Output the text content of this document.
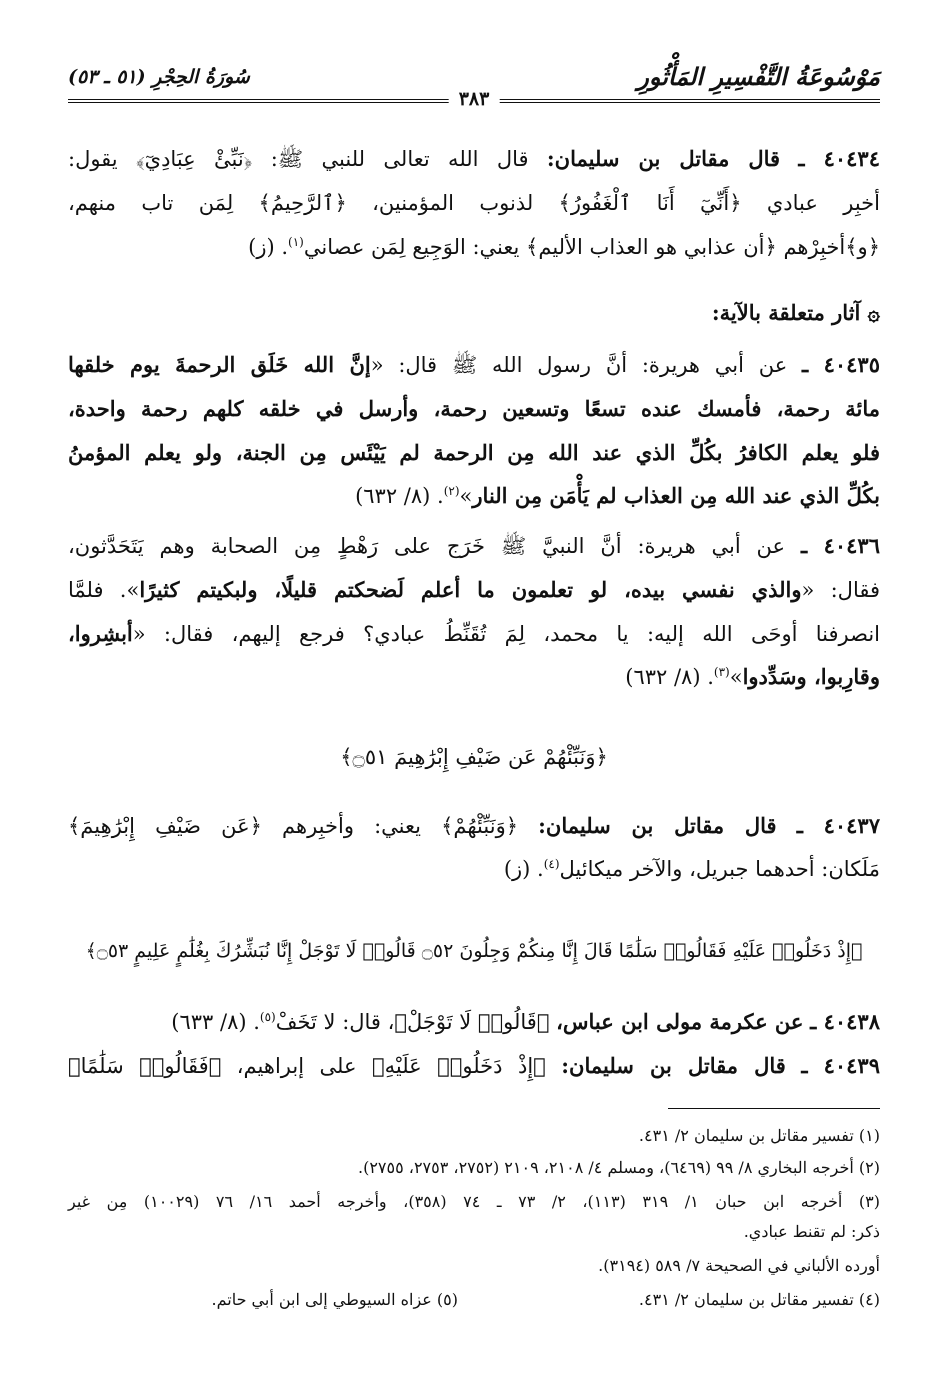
مَوْسُوعَةُ التَّفْسِيرِ المَأْثُورِ
٣٨٣
سُورَةُ الحِجْرِ (٥١ ـ ٥٣)
٤٠٤٣٤ ـ قال مقاتل بن سليمان: قال الله تعالى للنبي ﷺ: ﴿نَبِّئْ عِبَادِيٓ﴾ يقول:
أخبِر عبادي ﴿أَنِّيٓ أَنَا ٱلْغَفُورُ﴾ لذنوب المؤمنين، ﴿ٱلرَّحِيمُ﴾ لِمَن تاب منهم،
﴿و﴾أخبِرْهم ﴿أن عذابي هو العذاب الأليم﴾ يعني: الوَجِيع لِمَن عصاني$^{(١)}$. (ز)
۞ آثار متعلقة بالآية:
٤٠٤٣٥ ـ عن أبي هريرة: أنَّ رسول الله ﷺ قال: «إنَّ الله خَلَق الرحمةَ يوم خلقها
مائة رحمة، فأمسك عنده تسعًا وتسعين رحمة، وأرسل في خلقه كلهم رحمة واحدة،
فلو يعلم الكافرُ بكُلِّ الذي عند الله مِن الرحمة لم يَيْئَس مِن الجنة، ولو يعلم المؤمنُ
بكُلِّ الذي عند الله مِن العذاب لم يَأْمَن مِن النار»$^{(٢)}$. (٨/ ٦٣٢)
٤٠٤٣٦ ـ عن أبي هريرة: أنَّ النبيَّ ﷺ خَرَج على رَهْطٍ مِن الصحابة وهم يَتَحَدَّثون،
فقال: «والذي نفسي بيده، لو تعلمون ما أعلم لَضحكتم قليلًا، ولبكيتم كثيرًا». فلمَّا
انصرفنا أوحَى الله إليه: يا محمد، لِمَ تُقَنِّطُ عبادي؟ فرجع إليهم، فقال: «أبشِروا،
وقارِبوا، وسَدِّدوا»$^{(٣)}$. (٨/ ٦٣٢)
﴿وَنَبِّئْهُمْ عَن ضَيْفِ إِبْرَٰهِيمَ ۝٥١﴾
٤٠٤٣٧ ـ قال مقاتل بن سليمان: ﴿وَنَبِّئْهُمْ﴾ يعني: وأخبِرهم ﴿عَن ضَيْفِ إِبْرَٰهِيمَ﴾
مَلَكان: أحدهما جبريل، والآخر ميكائيل$^{(٤)}$. (ز)
﴿إِذْ دَخَلُوا۟ عَلَيْهِ فَقَالُوا۟ سَلَٰمًا قَالَ إِنَّا مِنكُمْ وَجِلُونَ ۝٥٢ قَالُوا۟ لَا تَوْجَلْ إِنَّا نُبَشِّرُكَ بِغُلَٰمٍ عَلِيمٍ ۝٥٣﴾
٤٠٤٣٨ ـ عن عكرمة مولى ابن عباس، ﴿قَالُوا۟ لَا تَوْجَلْ﴾، قال: لا تَخَفْ$^{(٥)}$. (٨/ ٦٣٣)
٤٠٤٣٩ ـ قال مقاتل بن سليمان: ﴿إِذْ دَخَلُوا۟ عَلَيْهِ﴾ على إبراهيم، ﴿فَقَالُوا۟ سَلَٰمًا﴾
(١) تفسير مقاتل بن سليمان ٢/ ٤٣١.
(٢) أخرجه البخاري ٨/ ٩٩ (٦٤٦٩)، ومسلم ٤/ ٢١٠٨، ٢١٠٩ (٢٧٥٢، ٢٧٥٣، ٢٧٥٥).
(٣) أخرجه ابن حبان ١/ ٣١٩ (١١٣)، ٢/ ٧٣ ـ ٧٤ (٣٥٨)، وأخرجه أحمد ١٦/ ٧٦ (١٠٠٢٩) مِن غير
ذكر: لم تقنط عبادي.
أورده الألباني في الصحيحة ٧/ ٥٨٩ (٣١٩٤).
(٤) تفسير مقاتل بن سليمان ٢/ ٤٣١.
(٥) عزاه السيوطي إلى ابن أبي حاتم.
